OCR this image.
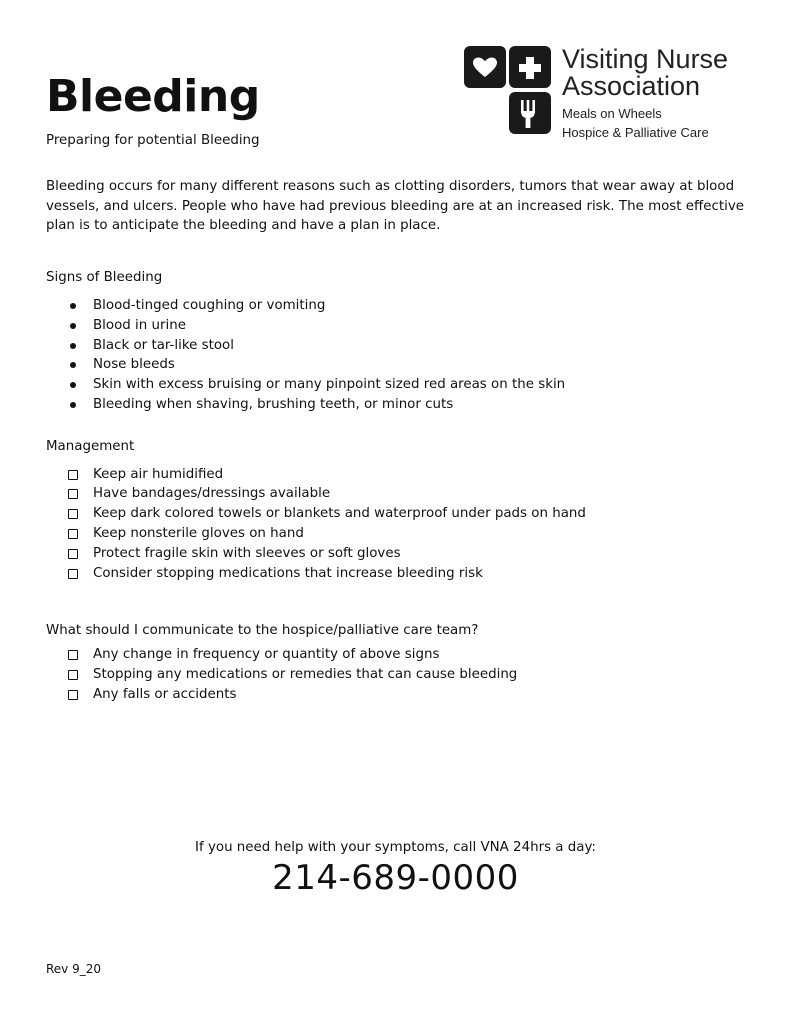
Bleeding
Visiting Nurse
Association
Meals on Wheels
Hospice & Palliative Care

Preparing for potential Bleeding

Bleeding occurs for many different reasons such as clotting disorders, tumors that wear away at blood vessels, and ulcers. People who have had previous bleeding are at an increased risk. The most effective plan is to anticipate the bleeding and have a plan in place.

Signs of Bleeding

Blood-tinged coughing or vomiting
Blood in urine
Black or tar-like stool
Nose bleeds
Skin with excess bruising or many pinpoint sized red areas on the skin
Bleeding when shaving, brushing teeth, or minor cuts

Management

Keep air humidified
Have bandages/dressings available
Keep dark colored towels or blankets and waterproof under pads on hand
Keep nonsterile gloves on hand
Protect fragile skin with sleeves or soft gloves
Consider stopping medications that increase bleeding risk

What should I communicate to the hospice/palliative care team?

Any change in frequency or quantity of above signs
Stopping any medications or remedies that can cause bleeding
Any falls or accidents
If you need help with your symptoms, call VNA 24hrs a day:
214-689-0000
Rev 9_20
